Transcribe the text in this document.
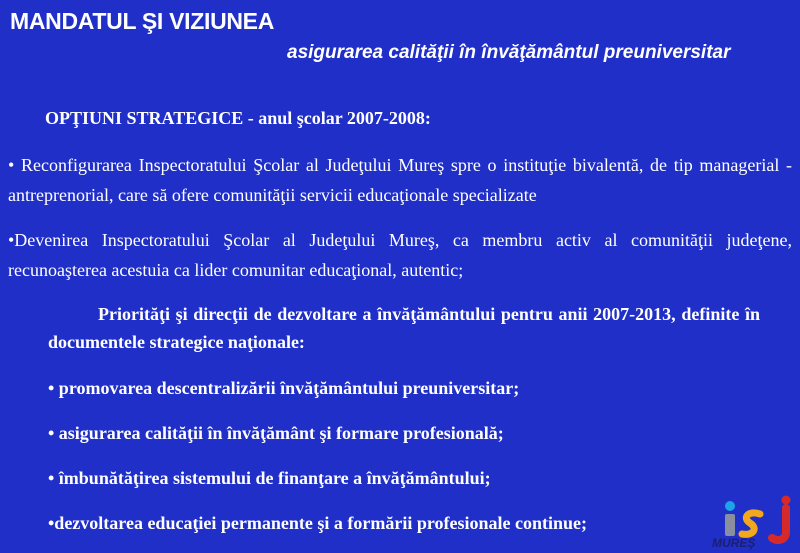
MANDATUL ŞI VIZIUNEA
asigurarea calităţii în învăţământul preuniversitar
OPŢIUNI STRATEGICE - anul şcolar 2007-2008:
• Reconfigurarea Inspectoratului Şcolar al Judeţului Mureş spre o instituţie bivalentă, de tip managerial - antreprenorial, care să ofere comunităţii servicii educaţionale specializate
•Devenirea Inspectoratului Şcolar al Judeţului Mureş, ca membru activ al comunităţii judeţene, recunoaşterea acestuia ca lider comunitar educaţional, autentic;
Priorităţi şi direcţii de dezvoltare a învăţământului pentru anii 2007-2013, definite în documentele strategice naţionale:
• promovarea descentralizării învăţământului preuniversitar;
• asigurarea calităţii în învăţământ şi formare profesională;
• îmbunătăţirea sistemului de finanţare a învăţământului;
•dezvoltarea educaţiei permanente şi a formării profesionale continue;
MUREŞ
